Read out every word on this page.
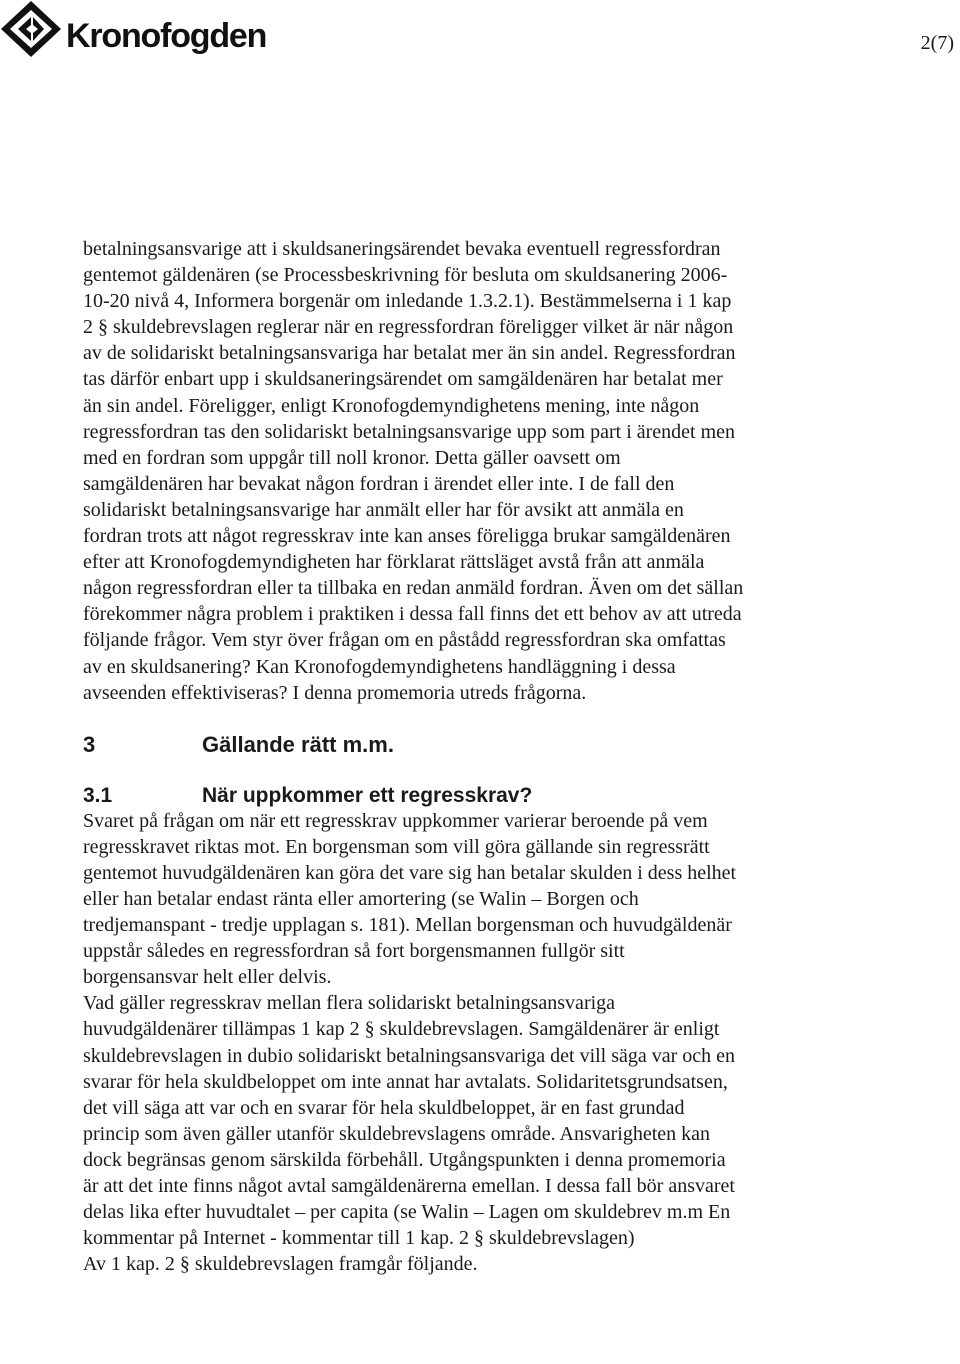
Kronofogden	2(7)

betalningsansvarige att i skuldsaneringsärendet bevaka eventuell regressfordran
gentemot gäldenären (se Processbeskrivning för besluta om skuldsanering 2006-
10-20 nivå 4, Informera borgenär om inledande 1.3.2.1). Bestämmelserna i 1 kap
2 § skuldebrevslagen reglerar när en regressfordran föreligger vilket är när någon
av de solidariskt betalningsansvariga har betalat mer än sin andel. Regressfordran
tas därför enbart upp i skuldsaneringsärendet om samgäldenären har betalat mer
än sin andel. Föreligger, enligt Kronofogdemyndighetens mening, inte någon
regressfordran tas den solidariskt betalningsansvarige upp som part i ärendet men
med en fordran som uppgår till noll kronor. Detta gäller oavsett om
samgäldenären har bevakat någon fordran i ärendet eller inte. I de fall den
solidariskt betalningsansvarige har anmält eller har för avsikt att anmäla en
fordran trots att något regresskrav inte kan anses föreligga brukar samgäldenären
efter att Kronofogdemyndigheten har förklarat rättsläget avstå från att anmäla
någon regressfordran eller ta tillbaka en redan anmäld fordran. Även om det sällan
förekommer några problem i praktiken i dessa fall finns det ett behov av att utreda
följande frågor. Vem styr över frågan om en påstådd regressfordran ska omfattas
av en skuldsanering? Kan Kronofogdemyndighetens handläggning i dessa
avseenden effektiviseras? I denna promemoria utreds frågorna.

3	Gällande rätt m.m.
3.1	När uppkommer ett regresskrav?

Svaret på frågan om när ett regresskrav uppkommer varierar beroende på vem
regresskravet riktas mot. En borgensman som vill göra gällande sin regressrätt
gentemot huvudgäldenären kan göra det vare sig han betalar skulden i dess helhet
eller han betalar endast ränta eller amortering (se Walin – Borgen och
tredjemanspant - tredje upplagan s. 181). Mellan borgensman och huvudgäldenär
uppstår således en regressfordran så fort borgensmannen fullgör sitt
borgensansvar helt eller delvis.

Vad gäller regresskrav mellan flera solidariskt betalningsansvariga
huvudgäldenärer tillämpas 1 kap 2 § skuldebrevslagen. Samgäldenärer är enligt
skuldebrevslagen in dubio solidariskt betalningsansvariga det vill säga var och en
svarar för hela skuldbeloppet om inte annat har avtalats. Solidaritetsgrundsatsen,
det vill säga att var och en svarar för hela skuldbeloppet, är en fast grundad
princip som även gäller utanför skuldebrevslagens område. Ansvarigheten kan
dock begränsas genom särskilda förbehåll. Utgångspunkten i denna promemoria
är att det inte finns något avtal samgäldenärerna emellan. I dessa fall bör ansvaret
delas lika efter huvudtalet – per capita (se Walin – Lagen om skuldebrev m.m En
kommentar på Internet - kommentar till 1 kap. 2 § skuldebrevslagen)

Av 1 kap. 2 § skuldebrevslagen framgår följande.
